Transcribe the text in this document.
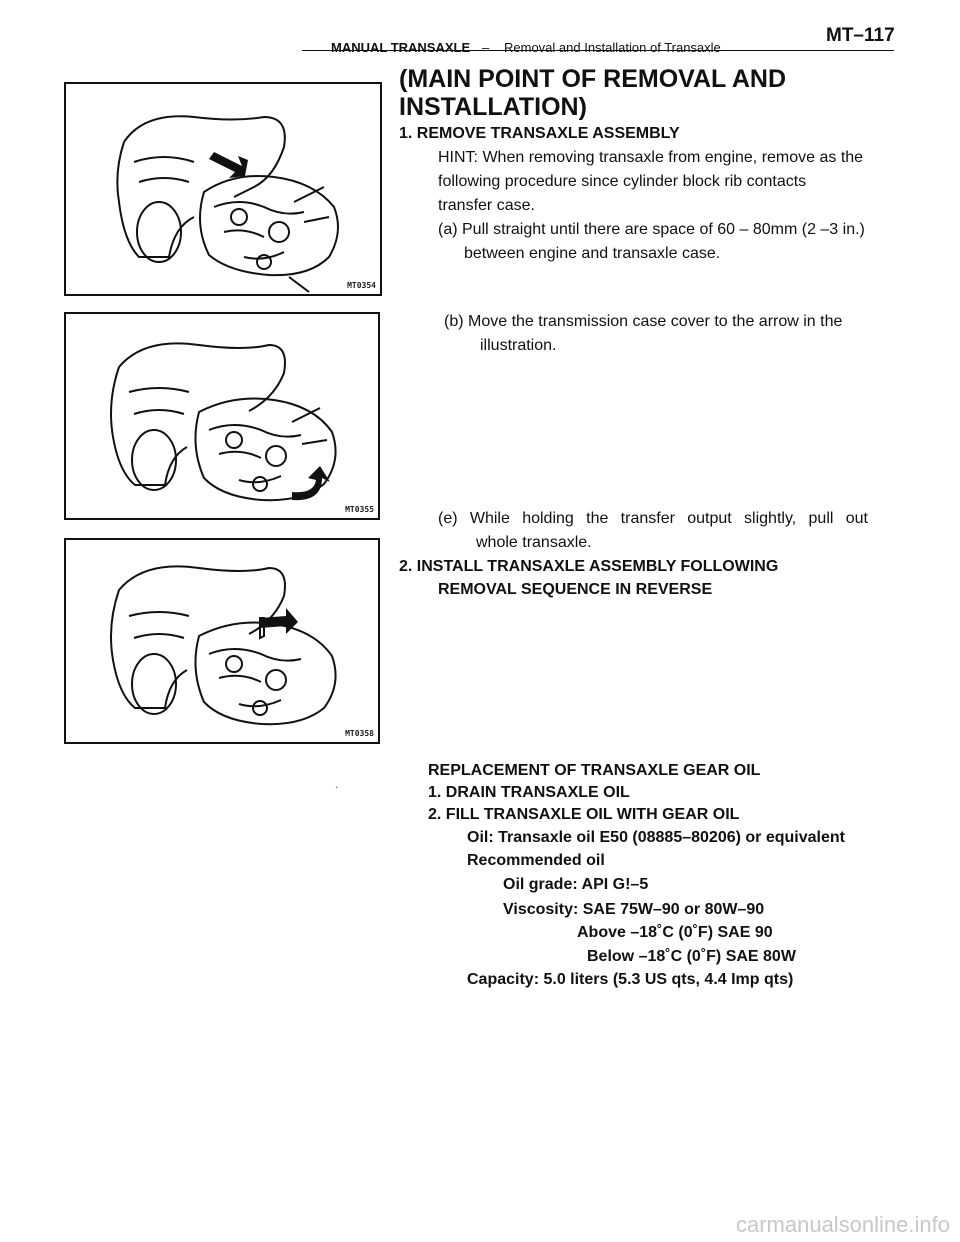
MANUAL TRANSAXLE – Removal and Installation of Transaxle
MT–117
MT0354
MT0355
MT0358
(MAIN POINT OF REMOVAL AND
INSTALLATION)
1. REMOVE TRANSAXLE ASSEMBLY
HINT: When removing transaxle from engine, remove as the
following procedure since cylinder block rib contacts
transfer case.
(a) Pull straight until there are space of 60 – 80mm (2 –3 in.)
between engine and transaxle case.
(b) Move the transmission case cover to the arrow in the
illustration.
(e) While holding the transfer output slightly, pull out
whole transaxle.
2. INSTALL TRANSAXLE ASSEMBLY FOLLOWING
REMOVAL SEQUENCE IN REVERSE
ˎ
REPLACEMENT OF TRANSAXLE GEAR OIL
1. DRAIN TRANSAXLE OIL
2. FILL TRANSAXLE OIL WITH GEAR OIL
Oil: Transaxle oil E50 (08885–80206) or equivalent
Recommended oil
Oil grade: API G!–5
Viscosity: SAE 75W–90 or 80W–90
Above –18˚C (0˚F) SAE 90
Below –18˚C (0˚F) SAE 80W
Capacity: 5.0 liters (5.3 US qts, 4.4 Imp qts)
carmanualsonline.info
